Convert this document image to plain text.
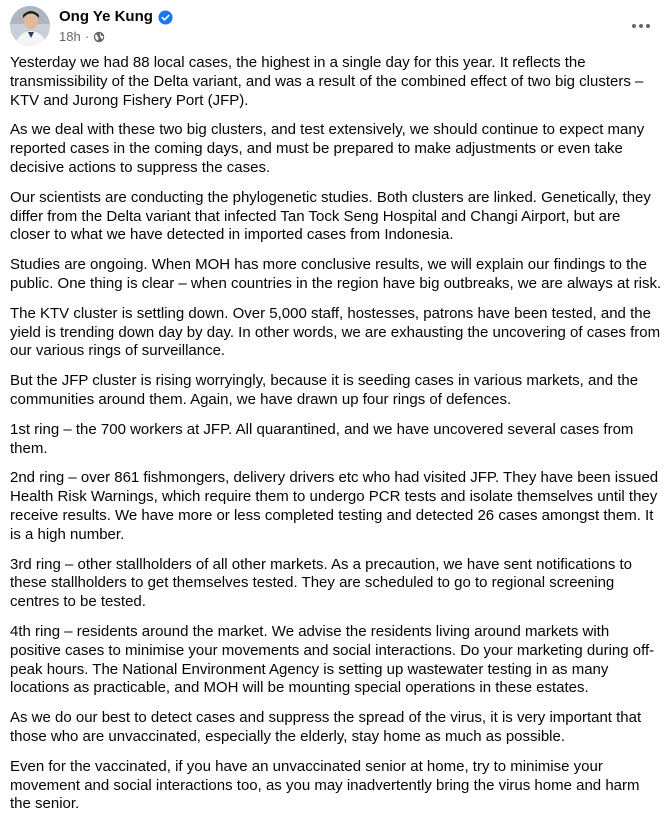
Ong Ye Kung
18h ·

Yesterday we had 88 local cases, the highest in a single day for this year. It reflects the transmissibility of the Delta variant, and was a result of the combined effect of two big clusters – KTV and Jurong Fishery Port (JFP).

As we deal with these two big clusters, and test extensively, we should continue to expect many reported cases in the coming days, and must be prepared to make adjustments or even take decisive actions to suppress the cases.

Our scientists are conducting the phylogenetic studies. Both clusters are linked. Genetically, they differ from the Delta variant that infected Tan Tock Seng Hospital and Changi Airport, but are closer to what we have detected in imported cases from Indonesia.

Studies are ongoing. When MOH has more conclusive results, we will explain our findings to the public. One thing is clear – when countries in the region have big outbreaks, we are always at risk.

The KTV cluster is settling down. Over 5,000 staff, hostesses, patrons have been tested, and the yield is trending down day by day. In other words, we are exhausting the uncovering of cases from our various rings of surveillance.

But the JFP cluster is rising worryingly, because it is seeding cases in various markets, and the communities around them. Again, we have drawn up four rings of defences.

1st ring – the 700 workers at JFP. All quarantined, and we have uncovered several cases from them.

2nd ring – over 861 fishmongers, delivery drivers etc who had visited JFP. They have been issued Health Risk Warnings, which require them to undergo PCR tests and isolate themselves until they receive results. We have more or less completed testing and detected 26 cases amongst them. It is a high number.

3rd ring – other stallholders of all other markets. As a precaution, we have sent notifications to these stallholders to get themselves tested. They are scheduled to go to regional screening centres to be tested.

4th ring – residents around the market. We advise the residents living around markets with positive cases to minimise your movements and social interactions. Do your marketing during off-peak hours. The National Environment Agency is setting up wastewater testing in as many locations as practicable, and MOH will be mounting special operations in these estates.

As we do our best to detect cases and suppress the spread of the virus, it is very important that those who are unvaccinated, especially the elderly, stay home as much as possible.

Even for the vaccinated, if you have an unvaccinated senior at home, try to minimise your movement and social interactions too, as you may inadvertently bring the virus home and harm the senior.
